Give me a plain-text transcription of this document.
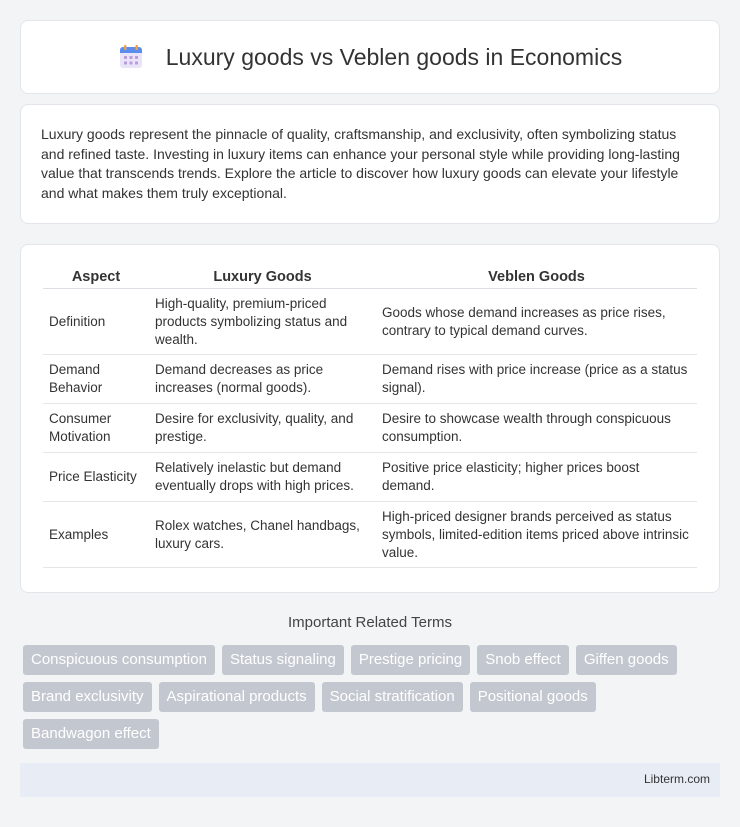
Luxury goods vs Veblen goods in Economics

Luxury goods represent the pinnacle of quality, craftsmanship, and exclusivity, often symbolizing status and refined taste. Investing in luxury items can enhance your personal style while providing long-lasting value that transcends trends. Explore the article to discover how luxury goods can elevate your lifestyle and what makes them truly exceptional.

Aspect	Luxury Goods	Veblen Goods
Definition	High-quality, premium-priced products symbolizing status and wealth.	Goods whose demand increases as price rises, contrary to typical demand curves.
Demand Behavior	Demand decreases as price increases (normal goods).	Demand rises with price increase (price as a status signal).
Consumer Motivation	Desire for exclusivity, quality, and prestige.	Desire to showcase wealth through conspicuous consumption.
Price Elasticity	Relatively inelastic but demand eventually drops with high prices.	Positive price elasticity; higher prices boost demand.
Examples	Rolex watches, Chanel handbags, luxury cars.	High-priced designer brands perceived as status symbols, limited-edition items priced above intrinsic value.
Important Related Terms
Conspicuous consumption	Status signaling	Prestige pricing	Snob effect	Giffen goods
Brand exclusivity	Aspirational products	Social stratification	Positional goods
Bandwagon effect
Libterm.com
